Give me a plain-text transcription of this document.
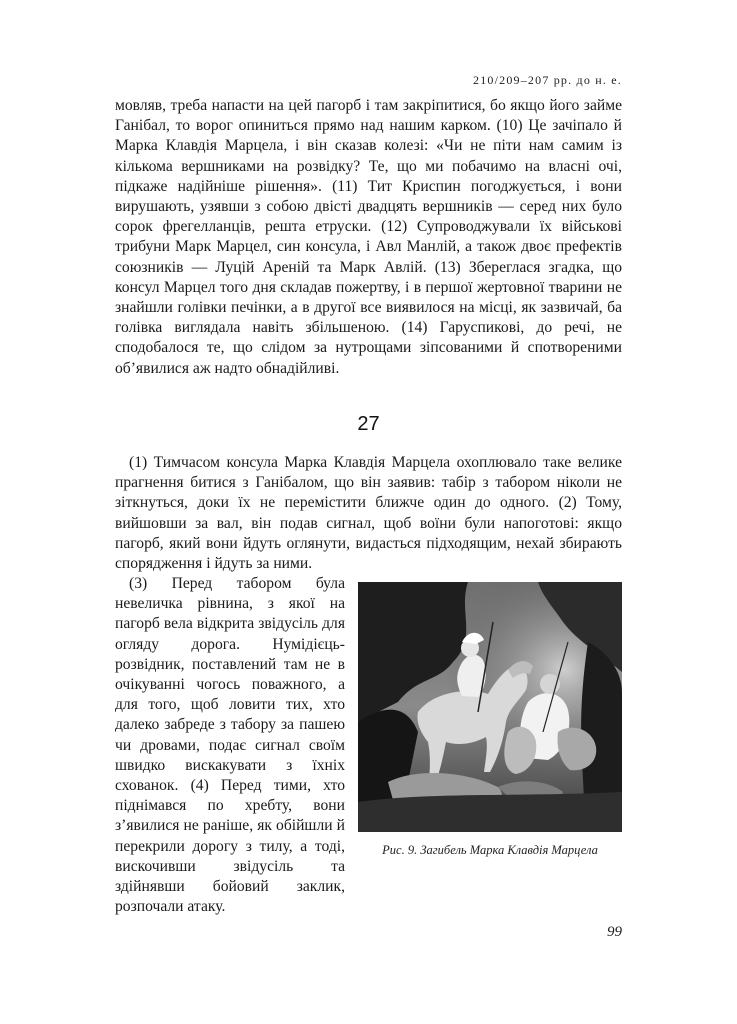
210/209–207 рр. до н. е.

мовляв, треба напасти на цей пагорб і там закріпитися, бо якщо його займе Ганібал, то ворог опиниться прямо над нашим карком. (10) Це зачіпало й Марка Клавдія Марцела, і він сказав колезі: «Чи не піти нам самим із кількома вершниками на розвідку? Те, що ми побачимо на власні очі, підкаже надійніше рішення». (11) Тит Криспин погоджується, і вони вирушають, узявши з собою двісті двадцять вершників — серед них було сорок фрегелланців, решта етруски. (12) Супроводжували їх військові трибуни Марк Марцел, син консула, і Авл Манлій, а також двоє префектів союзників — Луцій Ареній та Марк Авлій. (13) Збереглася згадка, що консул Марцел того дня складав пожертву, і в першої жертовної тварини не знайшли голівки печінки, а в другої все виявилося на місці, як зазвичай, ба голівка виглядала навіть збільшеною. (14) Гаруспикові, до речі, не сподобалося те, що слідом за нутрощами зіпсованими й спотвореними об’явилися аж надто обнадійливі.

27

(1) Тимчасом консула Марка Клавдія Марцела охоплювало таке велике прагнення битися з Ганібалом, що він заявив: табір з табором ніколи не зіткнуться, доки їх не перемістити ближче один до одного. (2) Тому, вийшовши за вал, він подав сигнал, щоб воїни були напоготові: якщо пагорб, який вони йдуть оглянути, видасться підходящим, нехай збирають спорядження і йдуть за ними.

(3) Перед табором була невеличка рівнина, з якої на пагорб вела відкрита звідусіль для огляду дорога. Нумідієць-розвідник, поставлений там не в очікуванні чогось поважного, а для того, щоб ловити тих, хто далеко забреде з табору за пашею чи дровами, подає сигнал своїм швидко вискакувати з їхніх схованок. (4) Перед тими, хто піднімався по хребту, вони з’явилися не раніше, як обійшли й перекрили дорогу з тилу, а тоді, вискочивши звідусіль та здійнявши бойовий заклик, розпочали атаку.

Рис. 9. Загибель Марка Клавдія Марцела
99
